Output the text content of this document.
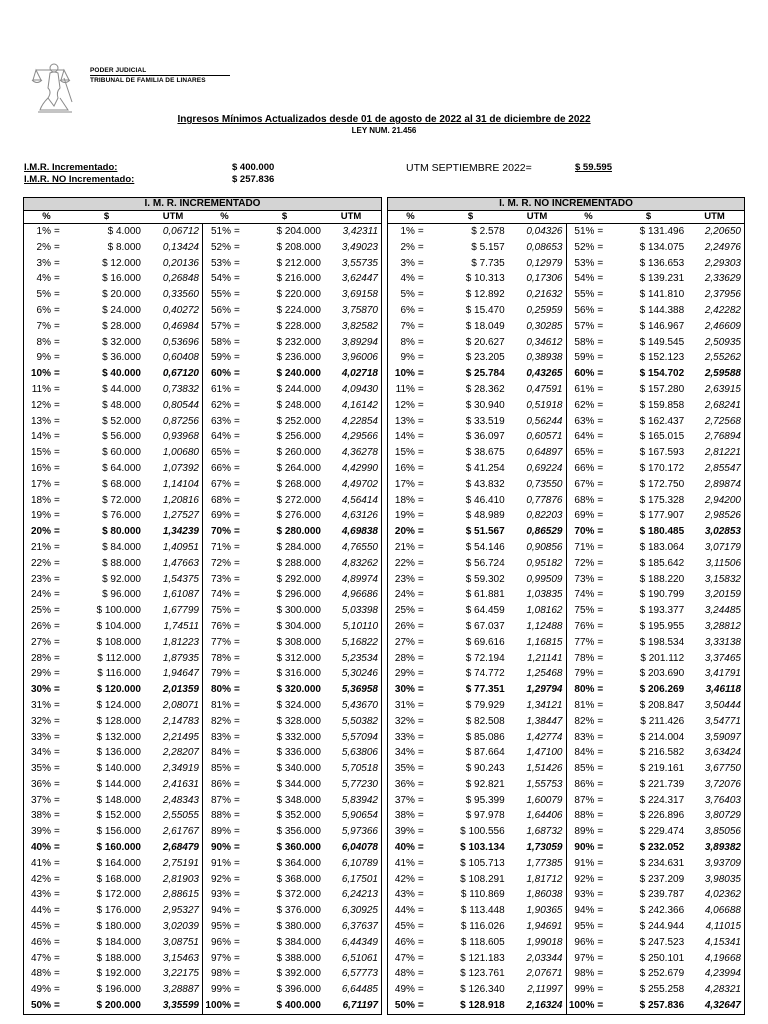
PODER JUDICIAL
TRIBUNAL DE FAMILIA DE LINARES
Ingresos Mínimos Actualizados desde 01 de agosto de 2022 al 31 de diciembre de 2022
LEY NUM. 21.456
I.M.R. Incrementado:	$ 400.000
I.M.R. NO Incrementado:	$ 257.836
UTM SEPTIEMBRE 2022=	$ 59.595
I. M. R. INCREMENTADO
%	$	UTM	%	$	UTM
1% =	$ 4.000	0,06712	51% =	$ 204.000	3,42311
2% =	$ 8.000	0,13424	52% =	$ 208.000	3,49023
3% =	$ 12.000	0,20136	53% =	$ 212.000	3,55735
4% =	$ 16.000	0,26848	54% =	$ 216.000	3,62447
5% =	$ 20.000	0,33560	55% =	$ 220.000	3,69158
6% =	$ 24.000	0,40272	56% =	$ 224.000	3,75870
7% =	$ 28.000	0,46984	57% =	$ 228.000	3,82582
8% =	$ 32.000	0,53696	58% =	$ 232.000	3,89294
9% =	$ 36.000	0,60408	59% =	$ 236.000	3,96006
10% =	$ 40.000	0,67120	60% =	$ 240.000	4,02718
11% =	$ 44.000	0,73832	61% =	$ 244.000	4,09430
12% =	$ 48.000	0,80544	62% =	$ 248.000	4,16142
13% =	$ 52.000	0,87256	63% =	$ 252.000	4,22854
14% =	$ 56.000	0,93968	64% =	$ 256.000	4,29566
15% =	$ 60.000	1,00680	65% =	$ 260.000	4,36278
16% =	$ 64.000	1,07392	66% =	$ 264.000	4,42990
17% =	$ 68.000	1,14104	67% =	$ 268.000	4,49702
18% =	$ 72.000	1,20816	68% =	$ 272.000	4,56414
19% =	$ 76.000	1,27527	69% =	$ 276.000	4,63126
20% =	$ 80.000	1,34239	70% =	$ 280.000	4,69838
21% =	$ 84.000	1,40951	71% =	$ 284.000	4,76550
22% =	$ 88.000	1,47663	72% =	$ 288.000	4,83262
23% =	$ 92.000	1,54375	73% =	$ 292.000	4,89974
24% =	$ 96.000	1,61087	74% =	$ 296.000	4,96686
25% =	$ 100.000	1,67799	75% =	$ 300.000	5,03398
26% =	$ 104.000	1,74511	76% =	$ 304.000	5,10110
27% =	$ 108.000	1,81223	77% =	$ 308.000	5,16822
28% =	$ 112.000	1,87935	78% =	$ 312.000	5,23534
29% =	$ 116.000	1,94647	79% =	$ 316.000	5,30246
30% =	$ 120.000	2,01359	80% =	$ 320.000	5,36958
31% =	$ 124.000	2,08071	81% =	$ 324.000	5,43670
32% =	$ 128.000	2,14783	82% =	$ 328.000	5,50382
33% =	$ 132.000	2,21495	83% =	$ 332.000	5,57094
34% =	$ 136.000	2,28207	84% =	$ 336.000	5,63806
35% =	$ 140.000	2,34919	85% =	$ 340.000	5,70518
36% =	$ 144.000	2,41631	86% =	$ 344.000	5,77230
37% =	$ 148.000	2,48343	87% =	$ 348.000	5,83942
38% =	$ 152.000	2,55055	88% =	$ 352.000	5,90654
39% =	$ 156.000	2,61767	89% =	$ 356.000	5,97366
40% =	$ 160.000	2,68479	90% =	$ 360.000	6,04078
41% =	$ 164.000	2,75191	91% =	$ 364.000	6,10789
42% =	$ 168.000	2,81903	92% =	$ 368.000	6,17501
43% =	$ 172.000	2,88615	93% =	$ 372.000	6,24213
44% =	$ 176.000	2,95327	94% =	$ 376.000	6,30925
45% =	$ 180.000	3,02039	95% =	$ 380.000	6,37637
46% =	$ 184.000	3,08751	96% =	$ 384.000	6,44349
47% =	$ 188.000	3,15463	97% =	$ 388.000	6,51061
48% =	$ 192.000	3,22175	98% =	$ 392.000	6,57773
49% =	$ 196.000	3,28887	99% =	$ 396.000	6,64485
50% =	$ 200.000	3,35599 100% =	$ 400.000	6,71197
I. M. R. NO INCREMENTADO
%	$	UTM	%	$	UTM
1% =	$ 2.578	0,04326	51% =	$ 131.496	2,20650
2% =	$ 5.157	0,08653	52% =	$ 134.075	2,24976
3% =	$ 7.735	0,12979	53% =	$ 136.653	2,29303
4% =	$ 10.313	0,17306	54% =	$ 139.231	2,33629
5% =	$ 12.892	0,21632	55% =	$ 141.810	2,37956
6% =	$ 15.470	0,25959	56% =	$ 144.388	2,42282
7% =	$ 18.049	0,30285	57% =	$ 146.967	2,46609
8% =	$ 20.627	0,34612	58% =	$ 149.545	2,50935
9% =	$ 23.205	0,38938	59% =	$ 152.123	2,55262
10% =	$ 25.784	0,43265	60% =	$ 154.702	2,59588
11% =	$ 28.362	0,47591	61% =	$ 157.280	2,63915
12% =	$ 30.940	0,51918	62% =	$ 159.858	2,68241
13% =	$ 33.519	0,56244	63% =	$ 162.437	2,72568
14% =	$ 36.097	0,60571	64% =	$ 165.015	2,76894
15% =	$ 38.675	0,64897	65% =	$ 167.593	2,81221
16% =	$ 41.254	0,69224	66% =	$ 170.172	2,85547
17% =	$ 43.832	0,73550	67% =	$ 172.750	2,89874
18% =	$ 46.410	0,77876	68% =	$ 175.328	2,94200
19% =	$ 48.989	0,82203	69% =	$ 177.907	2,98526
20% =	$ 51.567	0,86529	70% =	$ 180.485	3,02853
21% =	$ 54.146	0,90856	71% =	$ 183.064	3,07179
22% =	$ 56.724	0,95182	72% =	$ 185.642	3,11506
23% =	$ 59.302	0,99509	73% =	$ 188.220	3,15832
24% =	$ 61.881	1,03835	74% =	$ 190.799	3,20159
25% =	$ 64.459	1,08162	75% =	$ 193.377	3,24485
26% =	$ 67.037	1,12488	76% =	$ 195.955	3,28812
27% =	$ 69.616	1,16815	77% =	$ 198.534	3,33138
28% =	$ 72.194	1,21141	78% =	$ 201.112	3,37465
29% =	$ 74.772	1,25468	79% =	$ 203.690	3,41791
30% =	$ 77.351	1,29794	80% =	$ 206.269	3,46118
31% =	$ 79.929	1,34121	81% =	$ 208.847	3,50444
32% =	$ 82.508	1,38447	82% =	$ 211.426	3,54771
33% =	$ 85.086	1,42774	83% =	$ 214.004	3,59097
34% =	$ 87.664	1,47100	84% =	$ 216.582	3,63424
35% =	$ 90.243	1,51426	85% =	$ 219.161	3,67750
36% =	$ 92.821	1,55753	86% =	$ 221.739	3,72076
37% =	$ 95.399	1,60079	87% =	$ 224.317	3,76403
38% =	$ 97.978	1,64406	88% =	$ 226.896	3,80729
39% =	$ 100.556	1,68732	89% =	$ 229.474	3,85056
40% =	$ 103.134	1,73059	90% =	$ 232.052	3,89382
41% =	$ 105.713	1,77385	91% =	$ 234.631	3,93709
42% =	$ 108.291	1,81712	92% =	$ 237.209	3,98035
43% =	$ 110.869	1,86038	93% =	$ 239.787	4,02362
44% =	$ 113.448	1,90365	94% =	$ 242.366	4,06688
45% =	$ 116.026	1,94691	95% =	$ 244.944	4,11015
46% =	$ 118.605	1,99018	96% =	$ 247.523	4,15341
47% =	$ 121.183	2,03344	97% =	$ 250.101	4,19668
48% =	$ 123.761	2,07671	98% =	$ 252.679	4,23994
49% =	$ 126.340	2,11997	99% =	$ 255.258	4,28321
50% =	$ 128.918	2,16324 100% =	$ 257.836	4,32647
